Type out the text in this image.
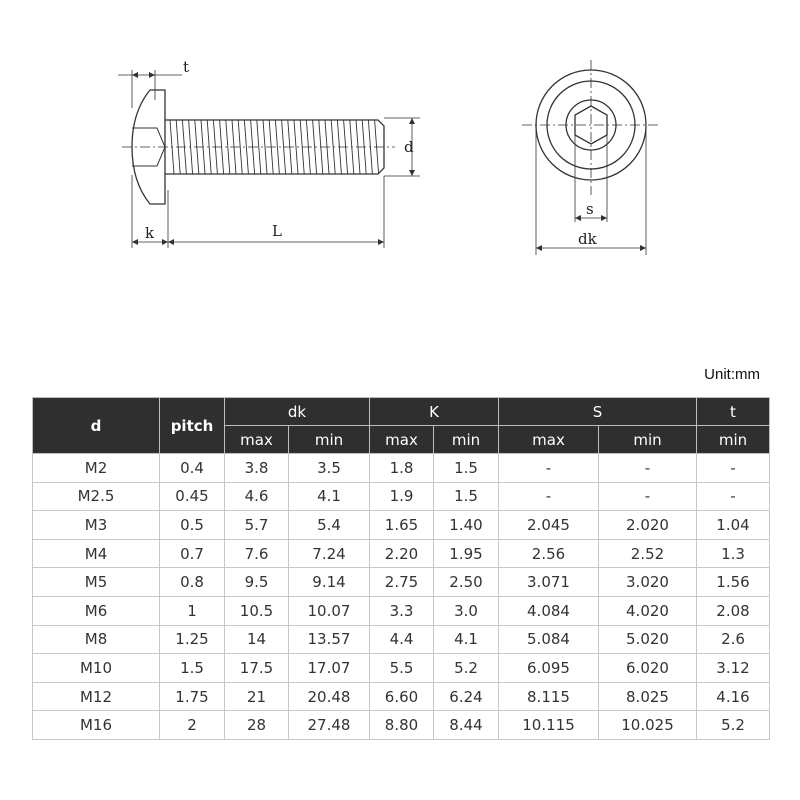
t
d
k	L
s
dk
Unit:mm
d	pitch	dk		K		S		t
		max	min	max	min	max	min	min
M2	0.4	3.8	3.5	1.8	1.5	-	-	-
M2.5	0.45	4.6	4.1	1.9	1.5	-	-	-
M3	0.5	5.7	5.4	1.65	1.40	2.045	2.020	1.04
M4	0.7	7.6	7.24	2.20	1.95	2.56	2.52	1.3
M5	0.8	9.5	9.14	2.75	2.50	3.071	3.020	1.56
M6	1	10.5	10.07	3.3	3.0	4.084	4.020	2.08
M8	1.25	14	13.57	4.4	4.1	5.084	5.020	2.6
M10	1.5	17.5	17.07	5.5	5.2	6.095	6.020	3.12
M12	1.75	21	20.48	6.60	6.24	8.115	8.025	4.16
M16	2	28	27.48	8.80	8.44	10.115	10.025	5.2
